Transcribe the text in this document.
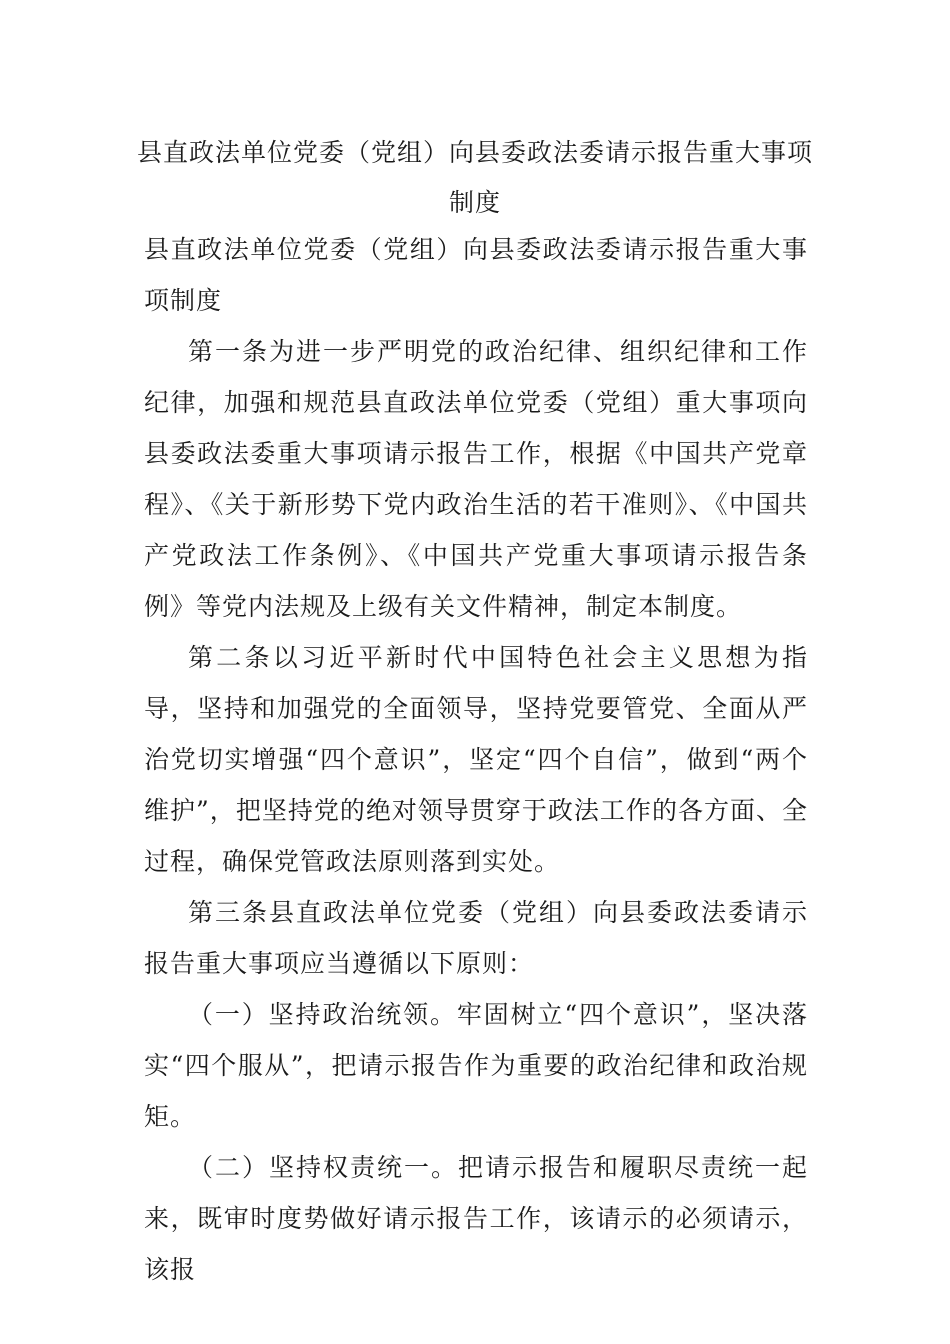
县直政法单位党委（党组）向县委政法委请示报告重大事项制度

县直政法单位党委（党组）向县委政法委请示报告重大事项制度

第一条为进一步严明党的政治纪律、组织纪律和工作纪律，加强和规范县直政法单位党委（党组）重大事项向县委政法委重大事项请示报告工作，根据《中国共产党章程》、《关于新形势下党内政治生活的若干准则》、《中国共产党政法工作条例》、《中国共产党重大事项请示报告条例》等党内法规及上级有关文件精神，制定本制度。

第二条以习近平新时代中国特色社会主义思想为指导，坚持和加强党的全面领导，坚持党要管党、全面从严治党切实增强“四个意识”，坚定“四个自信”，做到“两个维护”，把坚持党的绝对领导贯穿于政法工作的各方面、全过程，确保党管政法原则落到实处。

第三条县直政法单位党委（党组）向县委政法委请示报告重大事项应当遵循以下原则：

（一）坚持政治统领。牢固树立“四个意识”，坚决落实“四个服从”，把请示报告作为重要的政治纪律和政治规矩。

（二）坚持权责统一。把请示报告和履职尽责统一起来，既审时度势做好请示报告工作，该请示的必须请示，该报
